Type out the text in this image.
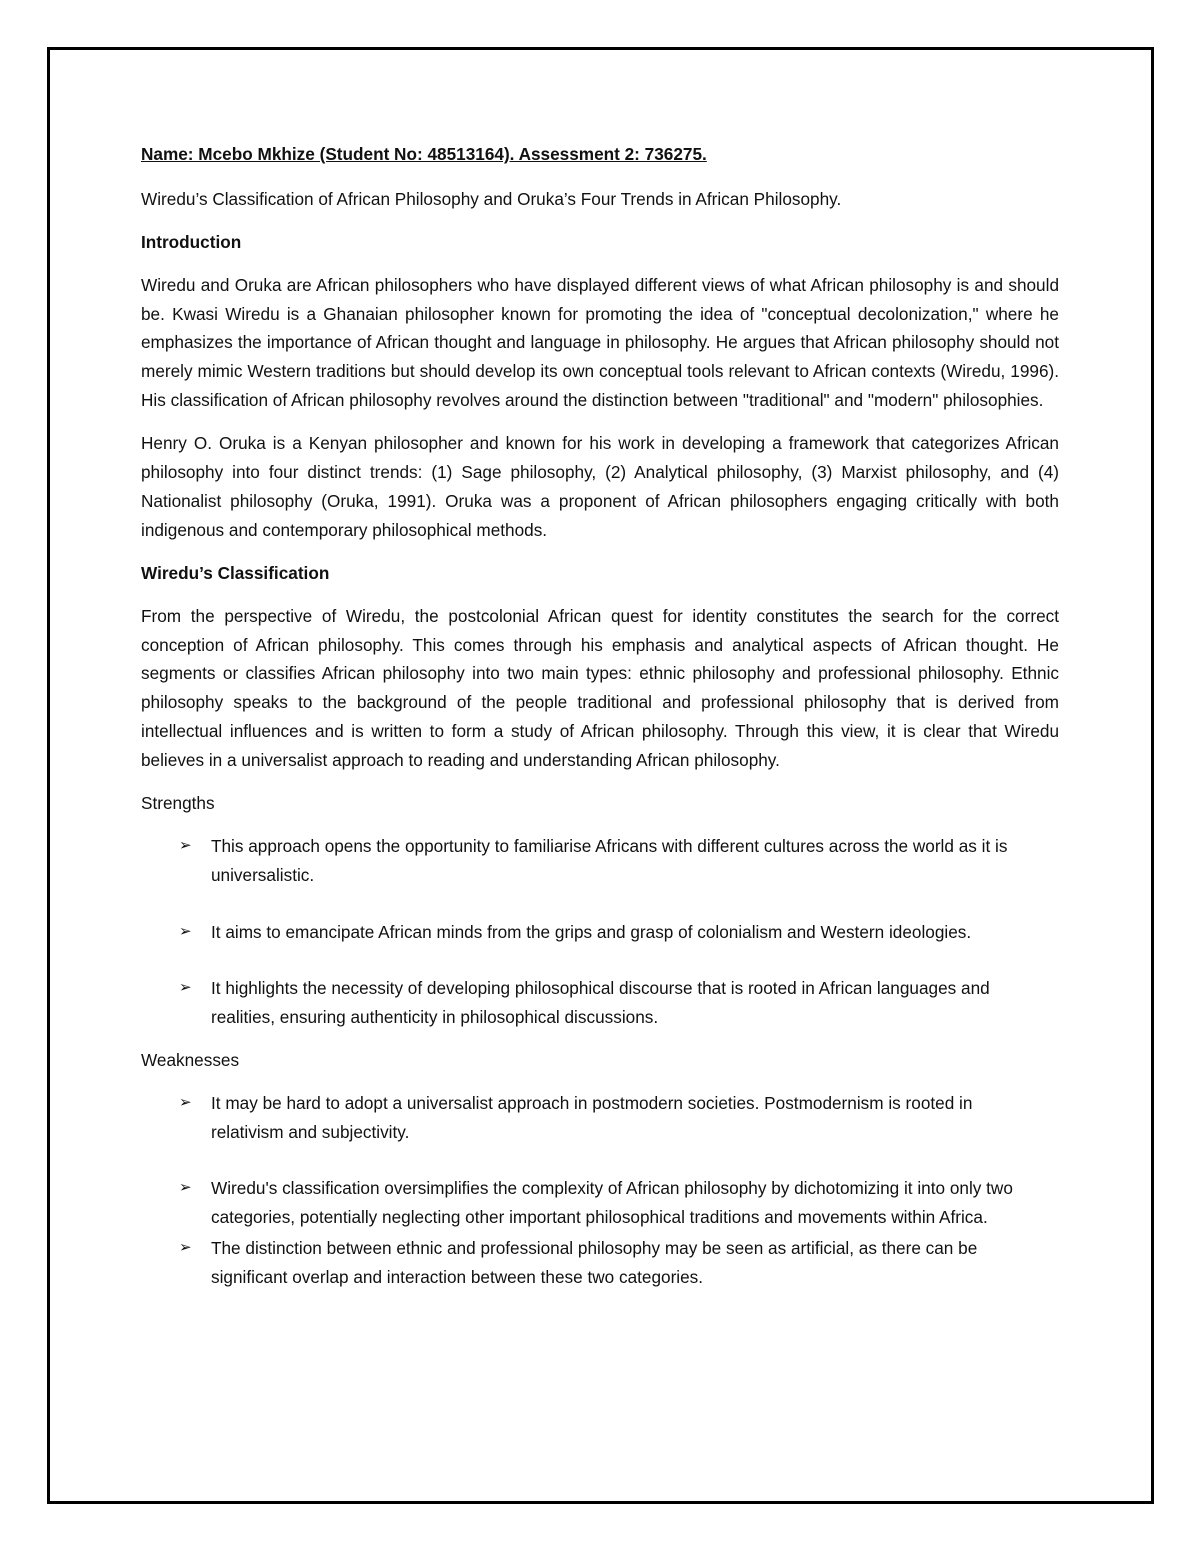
Name: Mcebo Mkhize (Student No: 48513164). Assessment 2: 736275.

Wiredu’s Classification of African Philosophy and Oruka’s Four Trends in African Philosophy.

Introduction

Wiredu and Oruka are African philosophers who have displayed different views of what African philosophy is and should be. Kwasi Wiredu is a Ghanaian philosopher known for promoting the idea of "conceptual decolonization," where he emphasizes the importance of African thought and language in philosophy. He argues that African philosophy should not merely mimic Western traditions but should develop its own conceptual tools relevant to African contexts (Wiredu, 1996). His classification of African philosophy revolves around the distinction between "traditional" and "modern" philosophies.

Henry O. Oruka is a Kenyan philosopher and known for his work in developing a framework that categorizes African philosophy into four distinct trends: (1) Sage philosophy, (2) Analytical philosophy, (3) Marxist philosophy, and (4) Nationalist philosophy (Oruka, 1991). Oruka was a proponent of African philosophers engaging critically with both indigenous and contemporary philosophical methods.

Wiredu’s Classification

From the perspective of Wiredu, the postcolonial African quest for identity constitutes the search for the correct conception of African philosophy. This comes through his emphasis and analytical aspects of African thought. He segments or classifies African philosophy into two main types: ethnic philosophy and professional philosophy. Ethnic philosophy speaks to the background of the people traditional and professional philosophy that is derived from intellectual influences and is written to form a study of African philosophy. Through this view, it is clear that Wiredu believes in a universalist approach to reading and understanding African philosophy.

Strengths

➢ This approach opens the opportunity to familiarise Africans with different cultures across the world as it is universalistic.
➢ It aims to emancipate African minds from the grips and grasp of colonialism and Western ideologies.
➢ It highlights the necessity of developing philosophical discourse that is rooted in African languages and realities, ensuring authenticity in philosophical discussions.

Weaknesses

➢ It may be hard to adopt a universalist approach in postmodern societies. Postmodernism is rooted in relativism and subjectivity.
➢ Wiredu's classification oversimplifies the complexity of African philosophy by dichotomizing it into only two categories, potentially neglecting other important philosophical traditions and movements within Africa.
➢ The distinction between ethnic and professional philosophy may be seen as artificial, as there can be significant overlap and interaction between these two categories.
